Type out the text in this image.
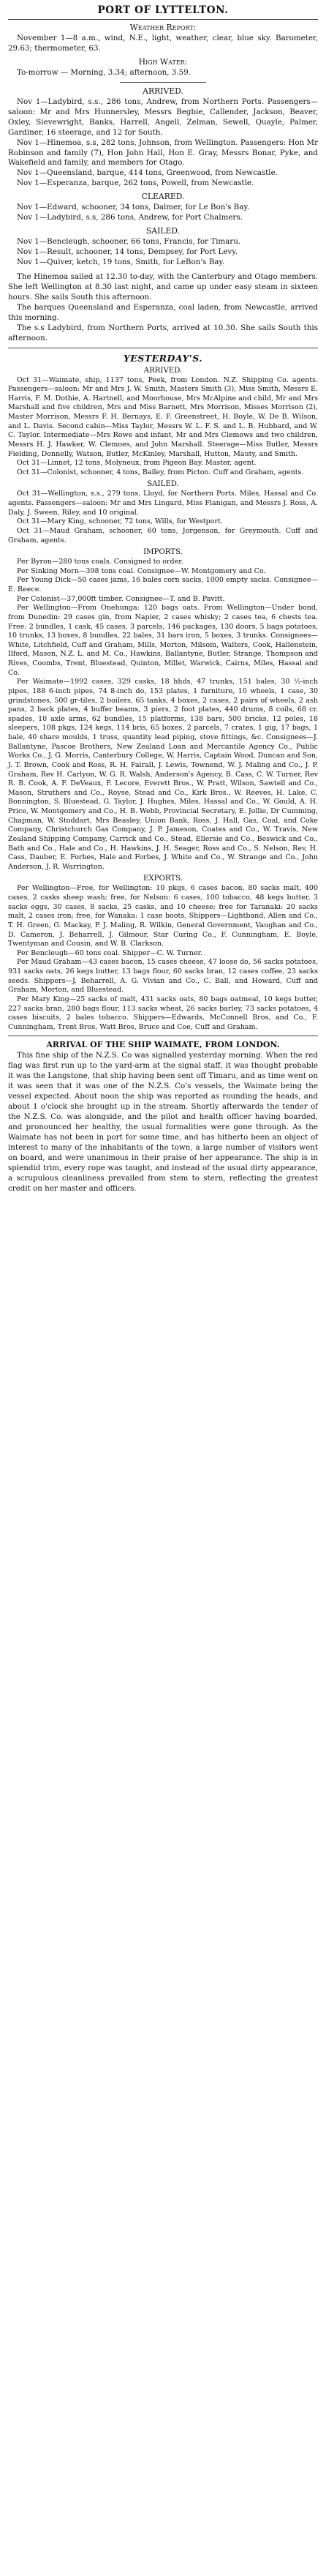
PORT OF LYTTELTON.
Weather Report:

November 1—8 a.m., wind, N.E., light, weather, clear, blue sky. Barometer, 29.63; thermometer, 63.

High Water:

To-morrow — Morning, 3.34; afternoon, 3.59.

ARRIVED.

Nov 1—Ladybird, s.s., 286 tons, Andrew, from Northern Ports. Passengers—saloon: Mr and Mrs Hunnersley, Messrs Begbie, Callender, Jackson, Beaver, Oxley, Sievewright, Banks, Harrell, Angell, Zelman, Sewell, Quayle, Palmer, Gardiner, 16 steerage, and 12 for South.

Nov 1—Hinemoa, s.s, 282 tons, Johnson, from Wellington. Passengers: Hon Mr Robinson and family (7), Hon John Hall, Hon E. Gray, Messrs Bonar, Pyke, and Wakefield and family, and members for Otago.

Nov 1—Queensland, barque, 414 tons, Greenwood, from Newcastle.

Nov 1—Esperanza, barque, 262 tons, Powell, from Newcastle.

CLEARED.

Nov 1—Edward, schooner, 34 tons, Dalmer, for Le Bon's Bay.

Nov 1—Ladybird, s.s, 286 tons, Andrew, for Port Chalmers.

SAILED.

Nov 1—Bencleugh, schooner, 66 tons, Francis, for Timaru.

Nov 1—Result, schooner, 14 tons, Dempsey, for Port Levy.

Nov 1—Quiver, ketch, 19 tons, Smith, for LeBon's Bay.

The Hinemoa sailed at 12.30 to-day, with the Canterbury and Otago members. She left Wellington at 8.30 last night, and came up under easy steam in sixteen hours. She sails South this afternoon.

The barques Queensland and Esperanza, coal laden, from Newcastle, arrived this morning.

The s.s Ladybird, from Northern Ports, arrived at 10.30. She sails South this afternoon.

YESTERDAY'S.
ARRIVED.

Oct 31—Waimate, ship, 1137 tons, Peek, from London. N.Z. Shipping Co. agents. Passengers—saloon: Mr and Mrs J. W. Smith, Masters Smith (3), Miss Smith, Messrs E. Harris, F. M. Dothie, A. Hartnell, and Moorhouse, Mrs McAlpine and child, Mr and Mrs Marshall and five children, Mrs and Miss Barnett, Mrs Morrison, Misses Morrison (2), Master Morrison, Messrs F. H. Bernays, E. F. Greenstreet, H. Boyle, W. De B. Wilson, and L. Davis. Second cabin—Miss Taylor, Messrs W. L. F. S. and L. B. Hubbard, and W. C. Taylor. Intermediate—Mrs Rowe and infant, Mr and Mrs Clemows and two children, Messrs H. J. Hawker, W. Clemoes, and John Marshall. Steerage—Miss Butler, Messrs Fielding, Donnelly, Watson, Butler, McKinley, Marshall, Hutton, Mauty, and Smith.

Oct 31—Linnet, 12 tons, Molyneux, from Pigeon Bay. Master, agent.

Oct 31—Colonist, schooner, 4 tons, Bailey, from Picton. Cuff and Graham, agents.

SAILED.

Oct 31—Wellington, s.s., 279 tons, Lloyd, for Northern Ports. Miles, Hassal and Co. agents. Passengers—saloon: Mr and Mrs Lingard, Miss Flanigan, and Messrs J. Ross, A. Daly, J. Sween, Riley, and 10 original.

Oct 31—Mary King, schooner, 72 tons, Wills, for Westport.

Oct 31—Maud Graham, schooner, 60 tons, Jorgenson, for Greymouth. Cuff and Graham, agents.

IMPORTS.

Per Byron—280 tons coals. Consigned to order.

Per Sinking Morn—398 tons coal. Consignee—W. Montgomery and Co.

Per Young Dick—50 cases jams, 16 bales corn sacks, 1000 empty sacks. Consignee—E. Reece.

Per Colonist—37,000ft timber. Consignee—T. and B. Pavitt.

Per Wellington—From Onehunga: 120 bags oats. From Wellington—Under bond, from Dunedin: 29 cases gin, from Napier, 2 cases whisky; 2 cases tea, 6 chests tea. Free: 2 bundles, 1 cask, 45 cases, 3 parcels, 146 packages, 130 doors, 5 bags potatoes, 10 trunks, 13 boxes, 8 bundles, 22 bales, 31 bars iron, 5 boxes, 3 trunks. Consignees—White, Litchfield, Cuff and Graham, Mills, Morton, Milsom, Walters, Cook, Hallenstein, Ilford, Mason, N.Z. L. and M. Co., Hawkins, Ballantyne, Butler, Strange, Thompson and Rives, Coombs, Trent, Bluestead, Quinton, Millet, Warwick, Cairns, Miles, Hassal and Co.

Per Waimate—1992 cases, 329 casks, 18 hhds, 47 trunks, 151 bales, 30 ½-inch pipes, 188 6-inch pipes, 74 8-inch do, 153 plates, 1 furniture, 10 wheels, 1 case, 30 grindstones, 500 gr-tiles, 2 boilers, 65 tanks, 4 boxes, 2 cases, 2 pairs of wheels, 2 ash pans, 2 back plates, 4 buffer beams, 3 piers, 2 foot plates, 440 drums, 8 coils, 68 cr. spades, 10 axle arms, 62 bundles, 15 platforms, 138 bars, 500 bricks, 12 poles, 18 sleepers, 108 pkgs, 124 kegs, 114 bris, 65 boxes, 2 parcels, 7 crates, 1 gig, 17 bags, 1 bale, 40 share moulds, 1 truss, quantity lead piping, stove fittings, &c. Consignees—J. Ballantyne, Pascoe Brothers, New Zealand Loan and Mercantile Agency Co., Public Works Co., J. G. Morris, Canterbury College, W. Harris, Captain Wood, Duncan and Son, J. T. Brown, Cook and Ross, R. H. Fairall, J. Lewis, Townend, W. J. Maling and Co., J. P. Graham, Rev H. Carlyon, W. G. R. Walsh, Anderson's Agency, B. Cass, C. W. Turner, Rev R. B. Cook, A. F. DeVeaux, F. Lecore, Everett Bros., W. Pratt, Wilson, Sawtell and Co., Mason, Struthers and Co., Royse, Stead and Co., Kirk Bros., W. Reeves, H. Lake, C. Bonnington, S. Bluestead, G. Taylor, J. Hughes, Miles, Hassal and Co., W. Gould, A. H. Price, W. Montgomery and Co., H. B. Webb, Provincial Secretary, E. Jollie, Dr Cumming, Chapman, W. Stoddart, Mrs Beasley, Union Bank, Ross, J. Hall, Gas, Coal, and Coke Company, Christchurch Gas Company, J. P. Jameson, Coates and Co., W. Travis, New Zealand Shipping Company, Carrick and Co., Stead, Ellersie and Co., Beswick and Co., Bath and Co., Hale and Co., H. Hawkins, J. H. Seager, Ross and Co., S. Nelson, Rev, H. Cass, Dauber, E. Forbes, Hale and Forbes, J. White and Co., W. Strange and Co., John Anderson, J. R. Warrington.

EXPORTS.

Per Wellington—Free, for Wellington: 10 pkgs, 6 cases bacon, 80 sacks malt, 400 cases, 2 casks sheep wash; free, for Nelson: 6 cases, 100 tobacco, 48 kegs butter, 3 sacks eggs, 30 cases, 8 sacks, 25 casks, and 10 cheese; free for Taranaki: 20 sacks malt, 2 cases iron; free, for Wanaka: 1 case boots. Shippers—Lightband, Allen and Co., T. H. Green, G. Mackay, P. J. Maling, R. Wilkin, General Government, Vaughan and Co., D. Cameron, J. Beharrell, J. Gilmour, Star Curing Co., F. Cunningham, E. Boyle, Twentyman and Cousin, and W. B. Clarkson.

Per Bencleugh—60 tons coal. Shipper—C. W. Turner.

Per Maud Graham—43 cases bacon, 15 cases cheese, 47 loose do, 56 sacks potatoes, 931 sacks oats, 26 kegs butter, 13 bags flour, 60 sacks bran, 12 cases coffee, 23 sacks seeds. Shippers—J. Beharrell, A. G. Vivian and Co., C. Ball, and Howard, Cuff and Graham, Morton, and Bluestead.

Per Mary King—25 sacks of malt, 431 sacks oats, 80 bags oatmeal, 10 kegs butter, 227 sacks bran, 280 bags flour, 113 sacks wheat, 26 sacks barley, 73 sacks potatoes, 4 cases biscuits, 2 bales tobacco. Shippers—Edwards, McConnell Bros, and Co., F. Cunningham, Trent Bros, Watt Bros, Bruce and Coe, Cuff and Graham.

ARRIVAL OF THE SHIP WAIMATE, FROM LONDON.

This fine ship of the N.Z.S. Co was signalled yesterday morning. When the red flag was first run up to the yard-arm at the signal staff, it was thought probable it was the Langstone, that ship having been sent off Timaru, and as time went on it was seen that it was one of the N.Z.S. Co's vessels, the Waimate being the vessel expected. About noon the ship was reported as rounding the heads, and about 1 o'clock she brought up in the stream. Shortly afterwards the tender of the N.Z.S. Co. was alongside, and the pilot and health officer having boarded, and pronounced her healthy, the usual formalities were gone through. As the Waimate has not been in port for some time, and has hitherto been an object of interest to many of the inhabitants of the town, a large number of visitors went on board, and were unanimous in their praise of her appearance. The ship is in splendid trim, every rope was taught, and instead of the usual dirty appearance, a scrupulous cleanliness prevailed from stem to stern, reflecting the greatest credit on her master and officers.
